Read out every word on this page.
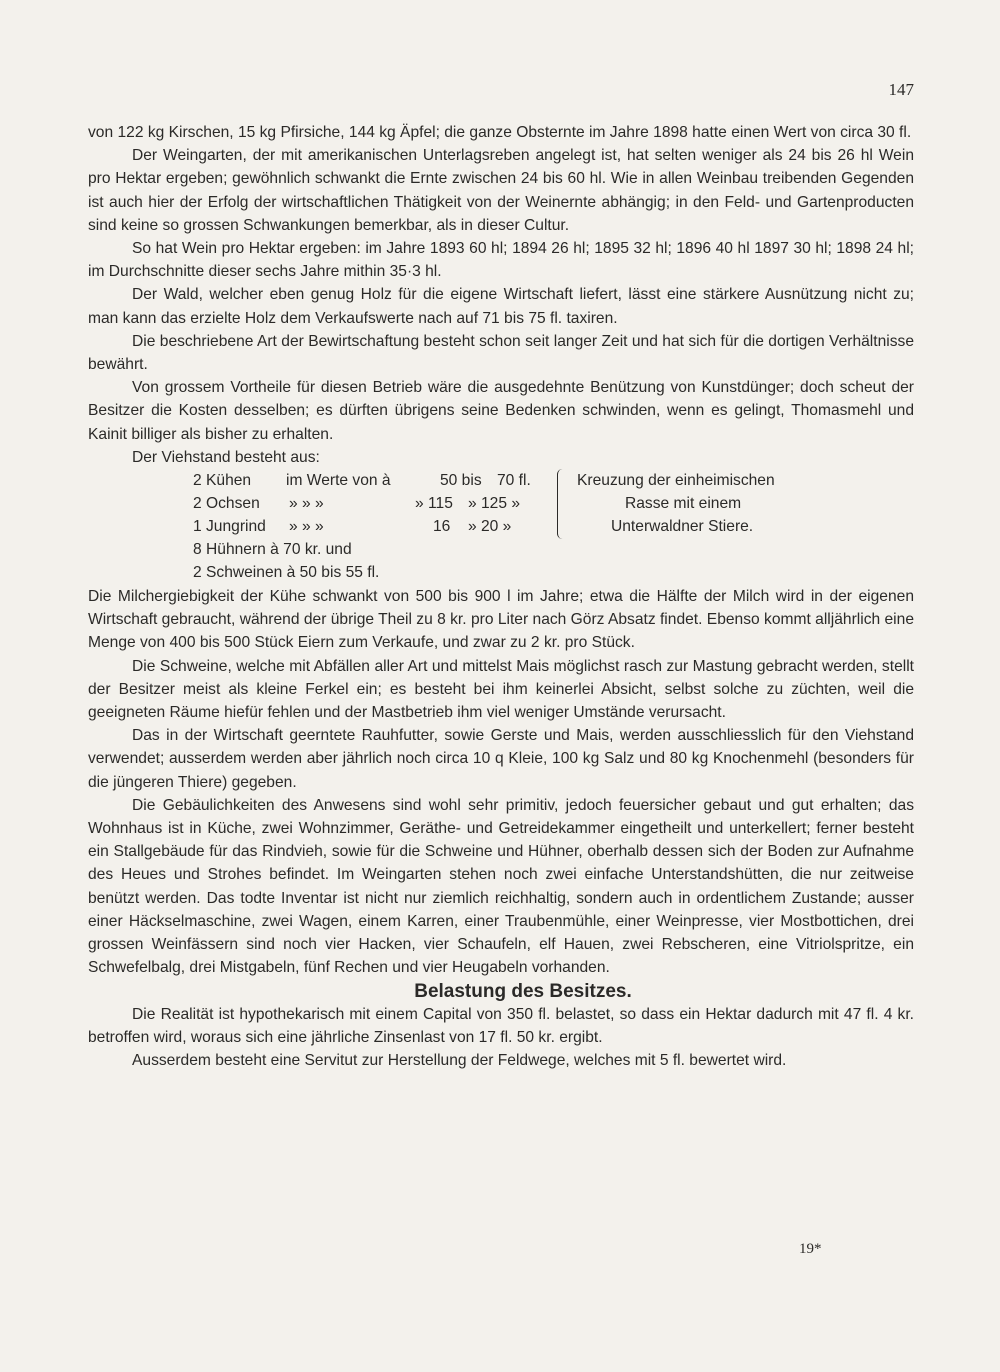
147

von 122 kg Kirschen, 15 kg Pfirsiche, 144 kg Äpfel; die ganze Obsternte im Jahre 1898 hatte einen Wert von circa 30 fl.

Der Weingarten, der mit amerikanischen Unterlagsreben angelegt ist, hat selten weniger als 24 bis 26 hl Wein pro Hektar ergeben; gewöhnlich schwankt die Ernte zwischen 24 bis 60 hl. Wie in allen Weinbau treibenden Gegenden ist auch hier der Erfolg der wirtschaftlichen Thätigkeit von der Weinernte abhängig; in den Feld- und Gartenproducten sind keine so grossen Schwankungen bemerkbar, als in dieser Cultur.

So hat Wein pro Hektar ergeben: im Jahre 1893 60 hl; 1894 26 hl; 1895 32 hl; 1896 40 hl 1897 30 hl; 1898 24 hl; im Durchschnitte dieser sechs Jahre mithin 35·3 hl.

Der Wald, welcher eben genug Holz für die eigene Wirtschaft liefert, lässt eine stärkere Ausnützung nicht zu; man kann das erzielte Holz dem Verkaufswerte nach auf 71 bis 75 fl. taxiren.

Die beschriebene Art der Bewirtschaftung besteht schon seit langer Zeit und hat sich für die dortigen Verhältnisse bewährt.

Von grossem Vortheile für diesen Betrieb wäre die ausgedehnte Benützung von Kunstdünger; doch scheut der Besitzer die Kosten desselben; es dürften übrigens seine Bedenken schwinden, wenn es gelingt, Thomasmehl und Kainit billiger als bisher zu erhalten.

Der Viehstand besteht aus:

2 Kühen im Werte von à	50 bis 70 fl.
2 Ochsen » » »	» 115 » 125 »
1 Jungrind » » »	16 » 20 »
Kreuzung der einheimischen
Rasse mit einem
Unterwaldner Stiere.
8 Hühnern à 70 kr. und
2 Schweinen à 50 bis 55 fl.

Die Milchergiebigkeit der Kühe schwankt von 500 bis 900 l im Jahre; etwa die Hälfte der Milch wird in der eigenen Wirtschaft gebraucht, während der übrige Theil zu 8 kr. pro Liter nach Görz Absatz findet. Ebenso kommt alljährlich eine Menge von 400 bis 500 Stück Eiern zum Verkaufe, und zwar zu 2 kr. pro Stück.

Die Schweine, welche mit Abfällen aller Art und mittelst Mais möglichst rasch zur Mastung gebracht werden, stellt der Besitzer meist als kleine Ferkel ein; es besteht bei ihm keinerlei Absicht, selbst solche zu züchten, weil die geeigneten Räume hiefür fehlen und der Mastbetrieb ihm viel weniger Umstände verursacht.

Das in der Wirtschaft geerntete Rauhfutter, sowie Gerste und Mais, werden ausschliesslich für den Viehstand verwendet; ausserdem werden aber jährlich noch circa 10 q Kleie, 100 kg Salz und 80 kg Knochenmehl (besonders für die jüngeren Thiere) gegeben.

Die Gebäulichkeiten des Anwesens sind wohl sehr primitiv, jedoch feuersicher gebaut und gut erhalten; das Wohnhaus ist in Küche, zwei Wohnzimmer, Geräthe- und Getreidekammer eingetheilt und unterkellert; ferner besteht ein Stallgebäude für das Rindvieh, sowie für die Schweine und Hühner, oberhalb dessen sich der Boden zur Aufnahme des Heues und Strohes befindet. Im Weingarten stehen noch zwei einfache Unterstandshütten, die nur zeitweise benützt werden. Das todte Inventar ist nicht nur ziemlich reichhaltig, sondern auch in ordentlichem Zustande; ausser einer Häckselmaschine, zwei Wagen, einem Karren, einer Traubenmühle, einer Weinpresse, vier Mostbottichen, drei grossen Weinfässern sind noch vier Hacken, vier Schaufeln, elf Hauen, zwei Rebscheren, eine Vitriolspritze, ein Schwefelbalg, drei Mistgabeln, fünf Rechen und vier Heugabeln vorhanden.

Belastung des Besitzes.

Die Realität ist hypothekarisch mit einem Capital von 350 fl. belastet, so dass ein Hektar dadurch mit 47 fl. 4 kr. betroffen wird, woraus sich eine jährliche Zinsenlast von 17 fl. 50 kr. ergibt.

Ausserdem besteht eine Servitut zur Herstellung der Feldwege, welches mit 5 fl. bewertet wird.

19*
